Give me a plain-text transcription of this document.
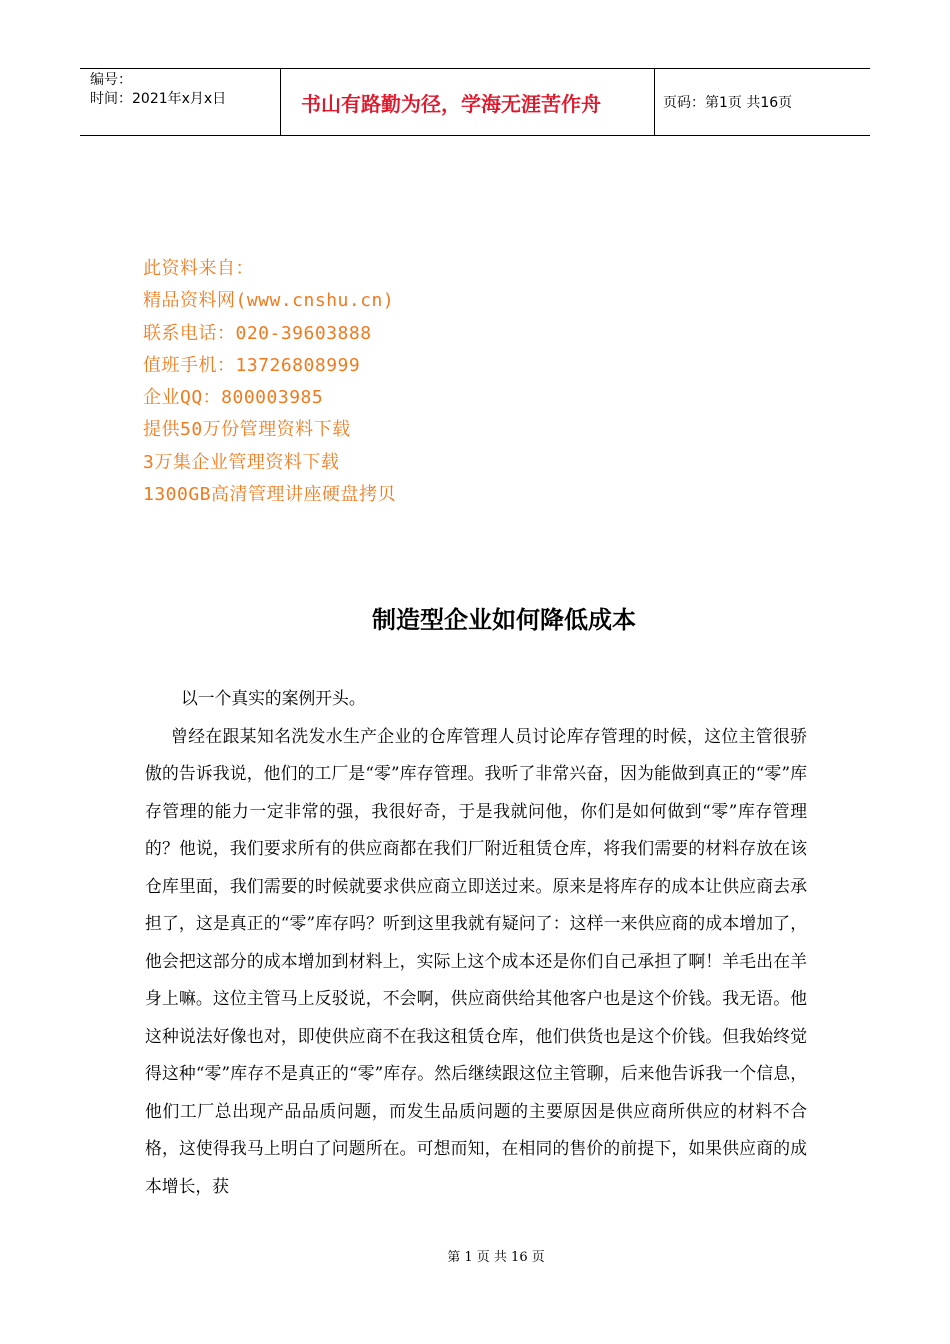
编号：
时间：2021年x月x日	书山有路勤为径，学海无涯苦作舟	页码：第1页 共16页
此资料来自：
精品资料网(www.cnshu.cn)
联系电话：020-39603888
值班手机：13726808999
企业QQ：800003985
提供50万份管理资料下载
3万集企业管理资料下载
1300GB高清管理讲座硬盘拷贝
制造型企业如何降低成本

以一个真实的案例开头。

曾经在跟某知名洗发水生产企业的仓库管理人员讨论库存管理的时候，这位主管很骄傲的告诉我说，他们的工厂是“零”库存管理。我听了非常兴奋，因为能做到真正的“零”库存管理的能力一定非常的强，我很好奇，于是我就问他，你们是如何做到“零”库存管理的？他说，我们要求所有的供应商都在我们厂附近租赁仓库，将我们需要的材料存放在该仓库里面，我们需要的时候就要求供应商立即送过来。原来是将库存的成本让供应商去承担了，这是真正的“零”库存吗？听到这里我就有疑问了：这样一来供应商的成本增加了，他会把这部分的成本增加到材料上，实际上这个成本还是你们自己承担了啊！羊毛出在羊身上嘛。这位主管马上反驳说，不会啊，供应商供给其他客户也是这个价钱。我无语。他这种说法好像也对，即使供应商不在我这租赁仓库，他们供货也是这个价钱。但我始终觉得这种“零”库存不是真正的“零”库存。然后继续跟这位主管聊，后来他告诉我一个信息，他们工厂总出现产品品质问题，而发生品质问题的主要原因是供应商所供应的材料不合格，这使得我马上明白了问题所在。可想而知，在相同的售价的前提下，如果供应商的成本增长，获

第 1 页 共 16 页
